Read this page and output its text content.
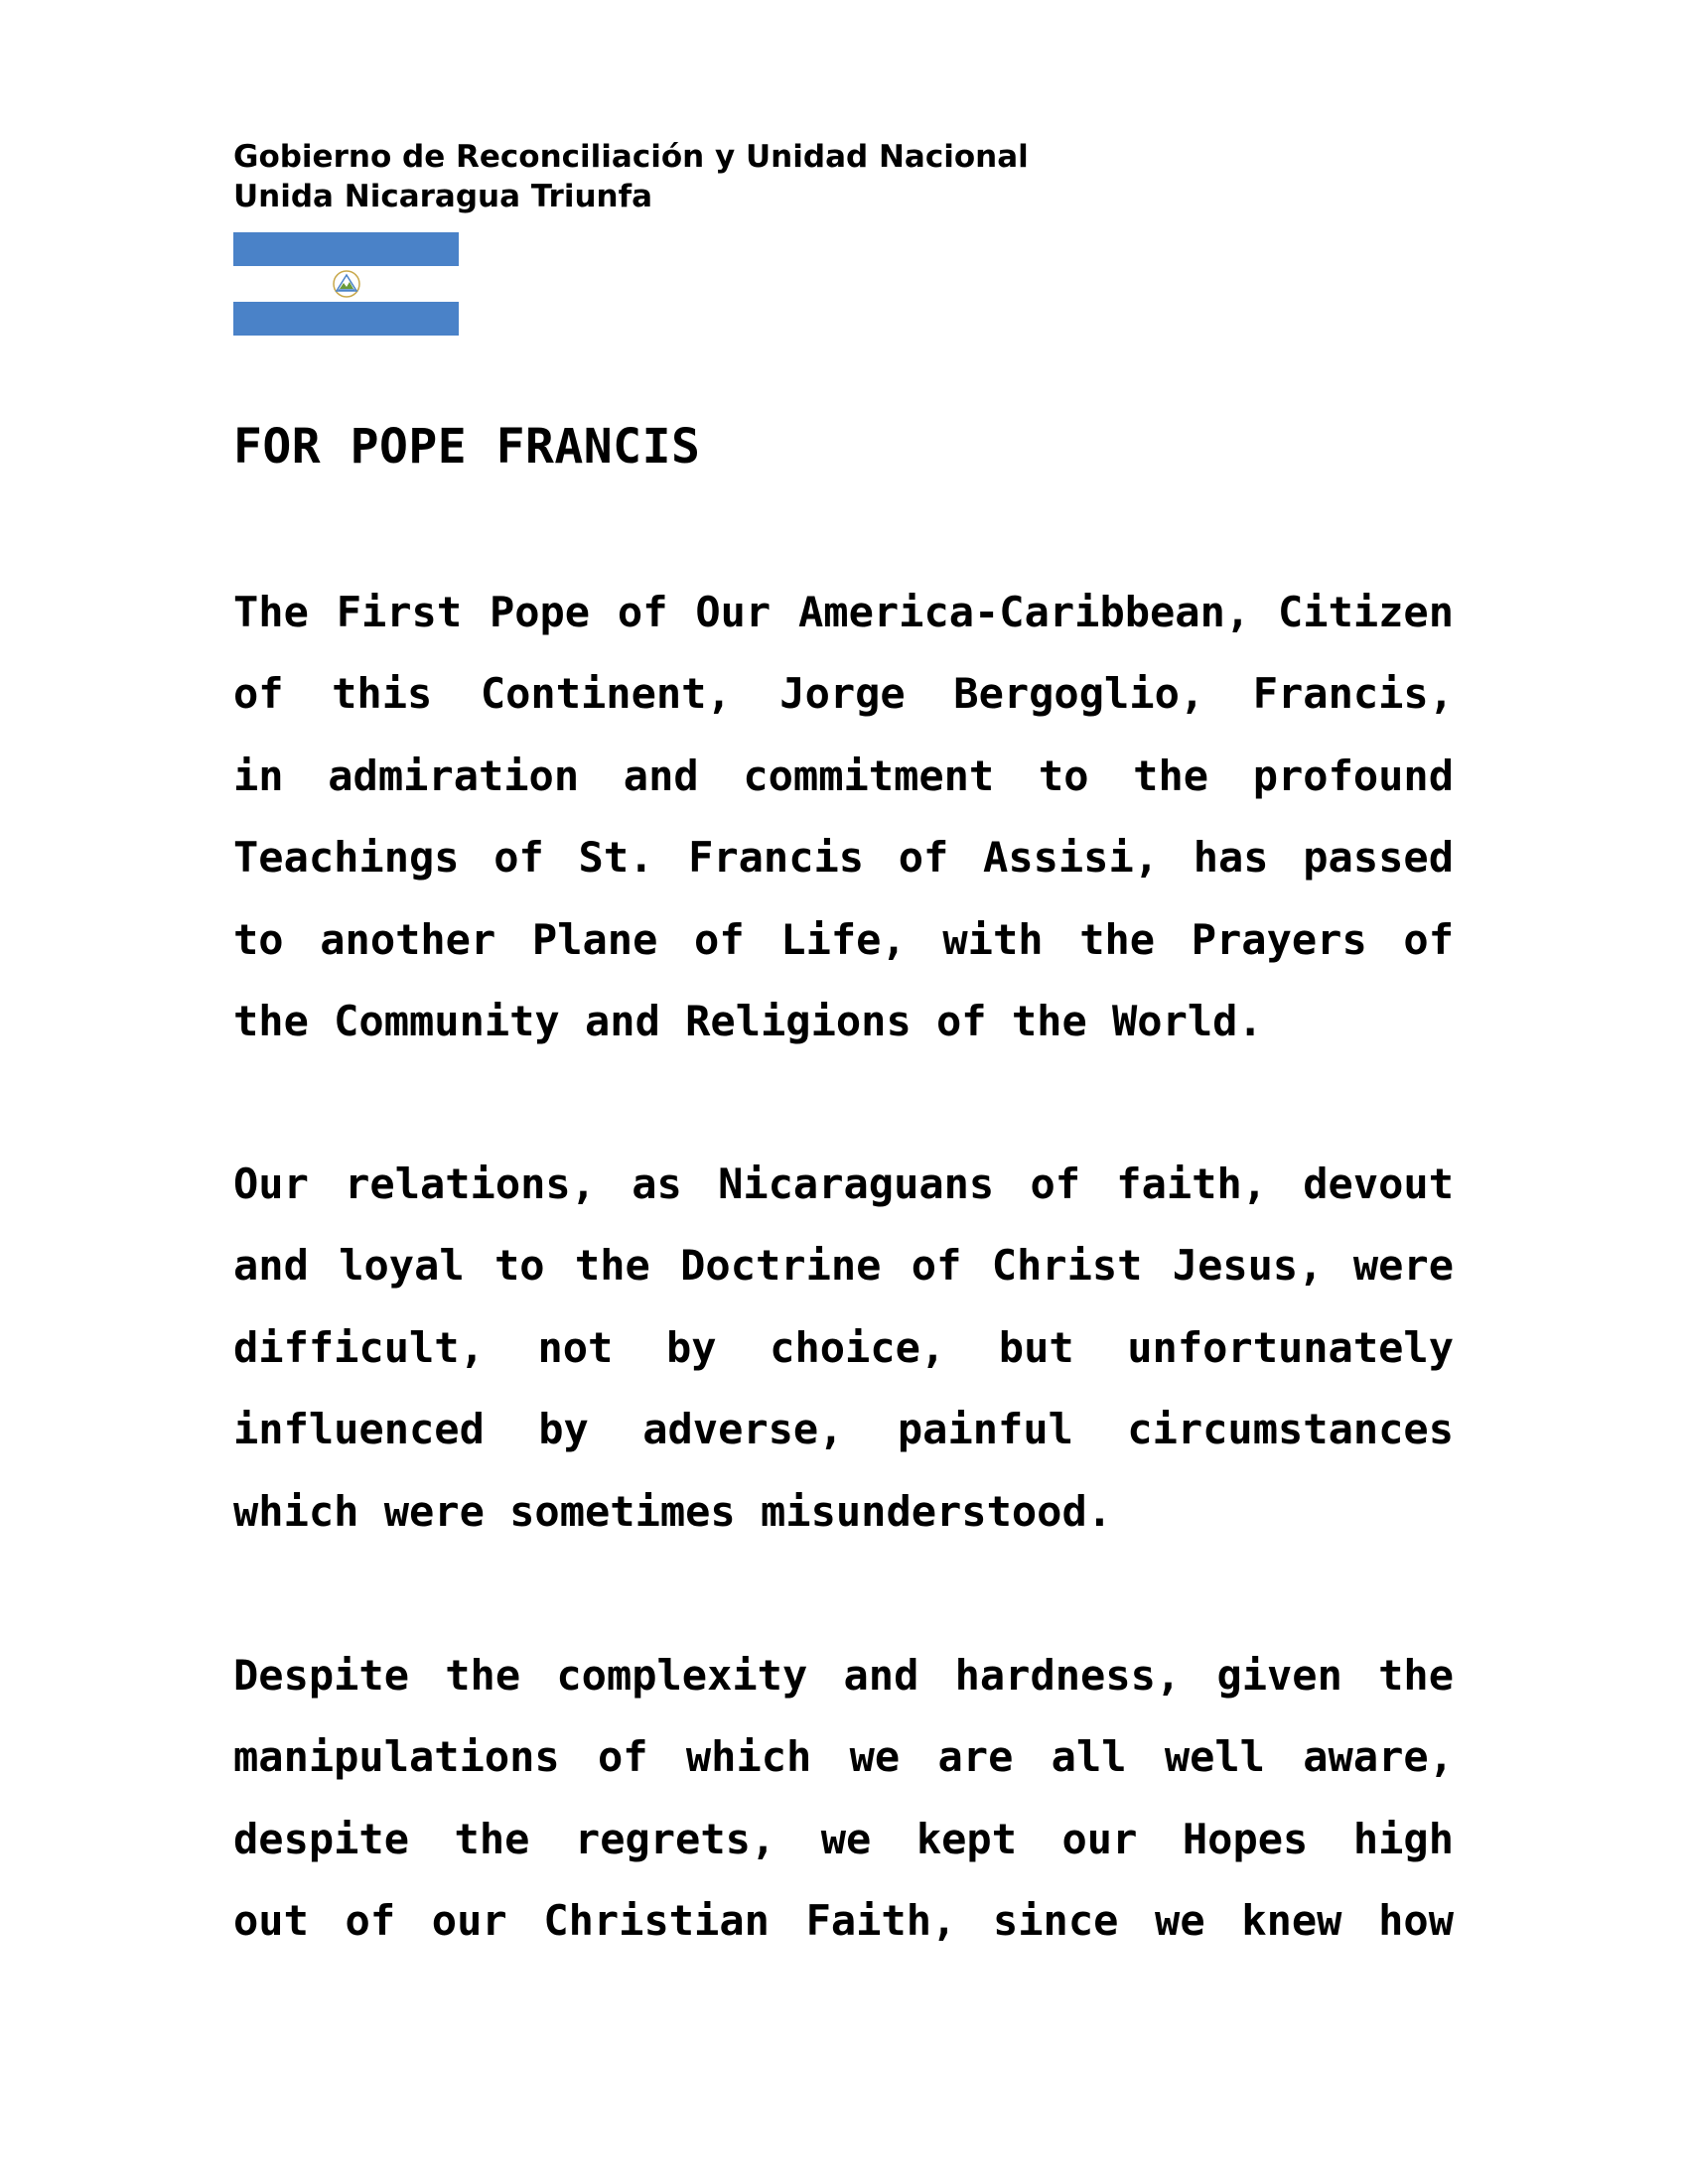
Gobierno de Reconciliación y Unidad Nacional
Unida Nicaragua Triunfa
FOR POPE FRANCIS
The First Pope of Our America-Caribbean, Citizen
of this Continent, Jorge Bergoglio, Francis,
in admiration and commitment to the profound
Teachings of St. Francis of Assisi, has passed
to another Plane of Life, with the Prayers of
the Community and Religions of the World.
Our relations, as Nicaraguans of faith, devout
and loyal to the Doctrine of Christ Jesus, were
difficult, not by choice, but unfortunately
influenced by adverse, painful circumstances
which were sometimes misunderstood.
Despite the complexity and hardness, given the
manipulations of which we are all well aware,
despite the regrets, we kept our Hopes high
out of our Christian Faith, since we knew how
